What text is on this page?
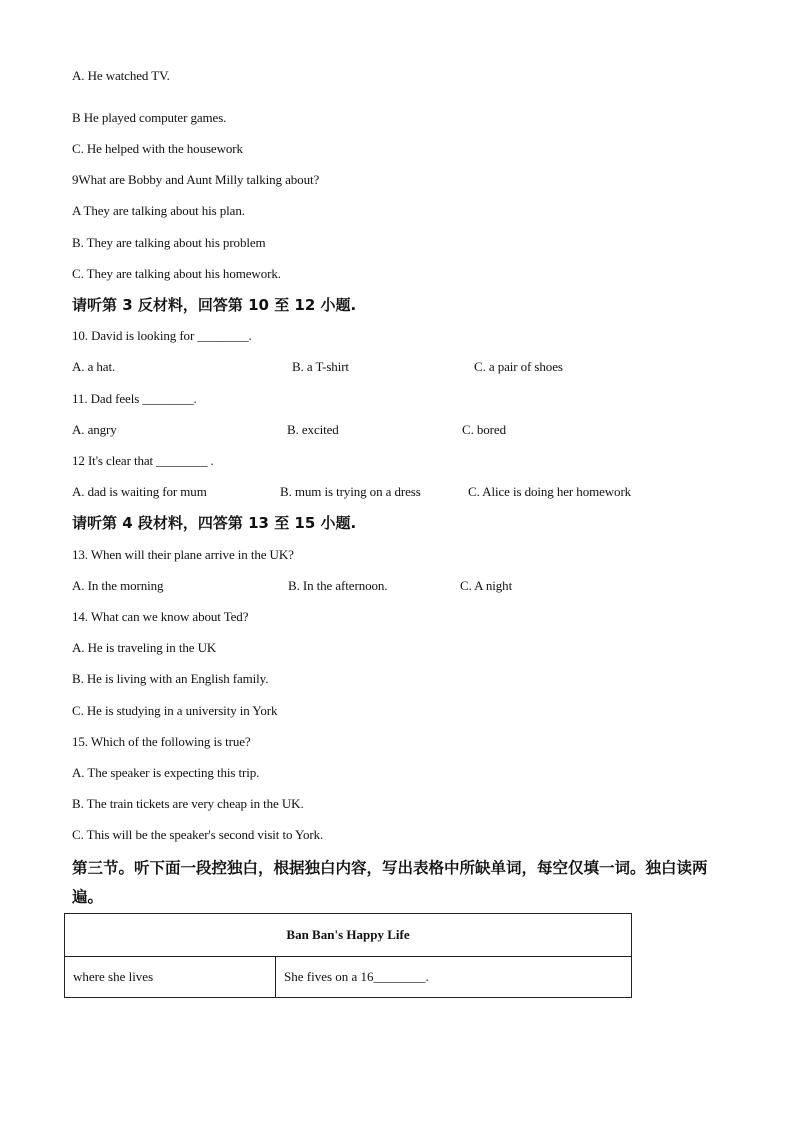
A. He watched TV.
B He played computer games.
C. He helped with the housework
9What are Bobby and Aunt Milly talking about?
A They are talking about his plan.
B. They are talking about his problem
C. They are talking about his homework.
请听第 3 反材料，回答第 10 至 12 小题.
10. David is looking for ________.
A. a hat.	B. a T-shirt	C. a pair of shoes
11. Dad feels ________.
A. angry	B. excited	C. bored
12 It's clear that ________ .
A. dad is waiting for mum	B. mum is trying on a dress	C. Alice is doing her homework
请听第 4 段材料，四答第 13 至 15 小题.
13. When will their plane arrive in the UK?
A. In the morning	B. In the afternoon.	C. A night
14. What can we know about Ted?
A. He is traveling in the UK
B. He is living with an English family.
C. He is studying in a university in York
15. Which of the following is true?
A. The speaker is expecting this trip.
B. The train tickets are very cheap in the UK.
C. This will be the speaker's second visit to York.
第三节。听下面一段控独白，根据独白内容，写出表格中所缺单词，每空仅填一词。独白读两遍。
Ban Ban's Happy Life
where she lives	She fives on a 16________.
